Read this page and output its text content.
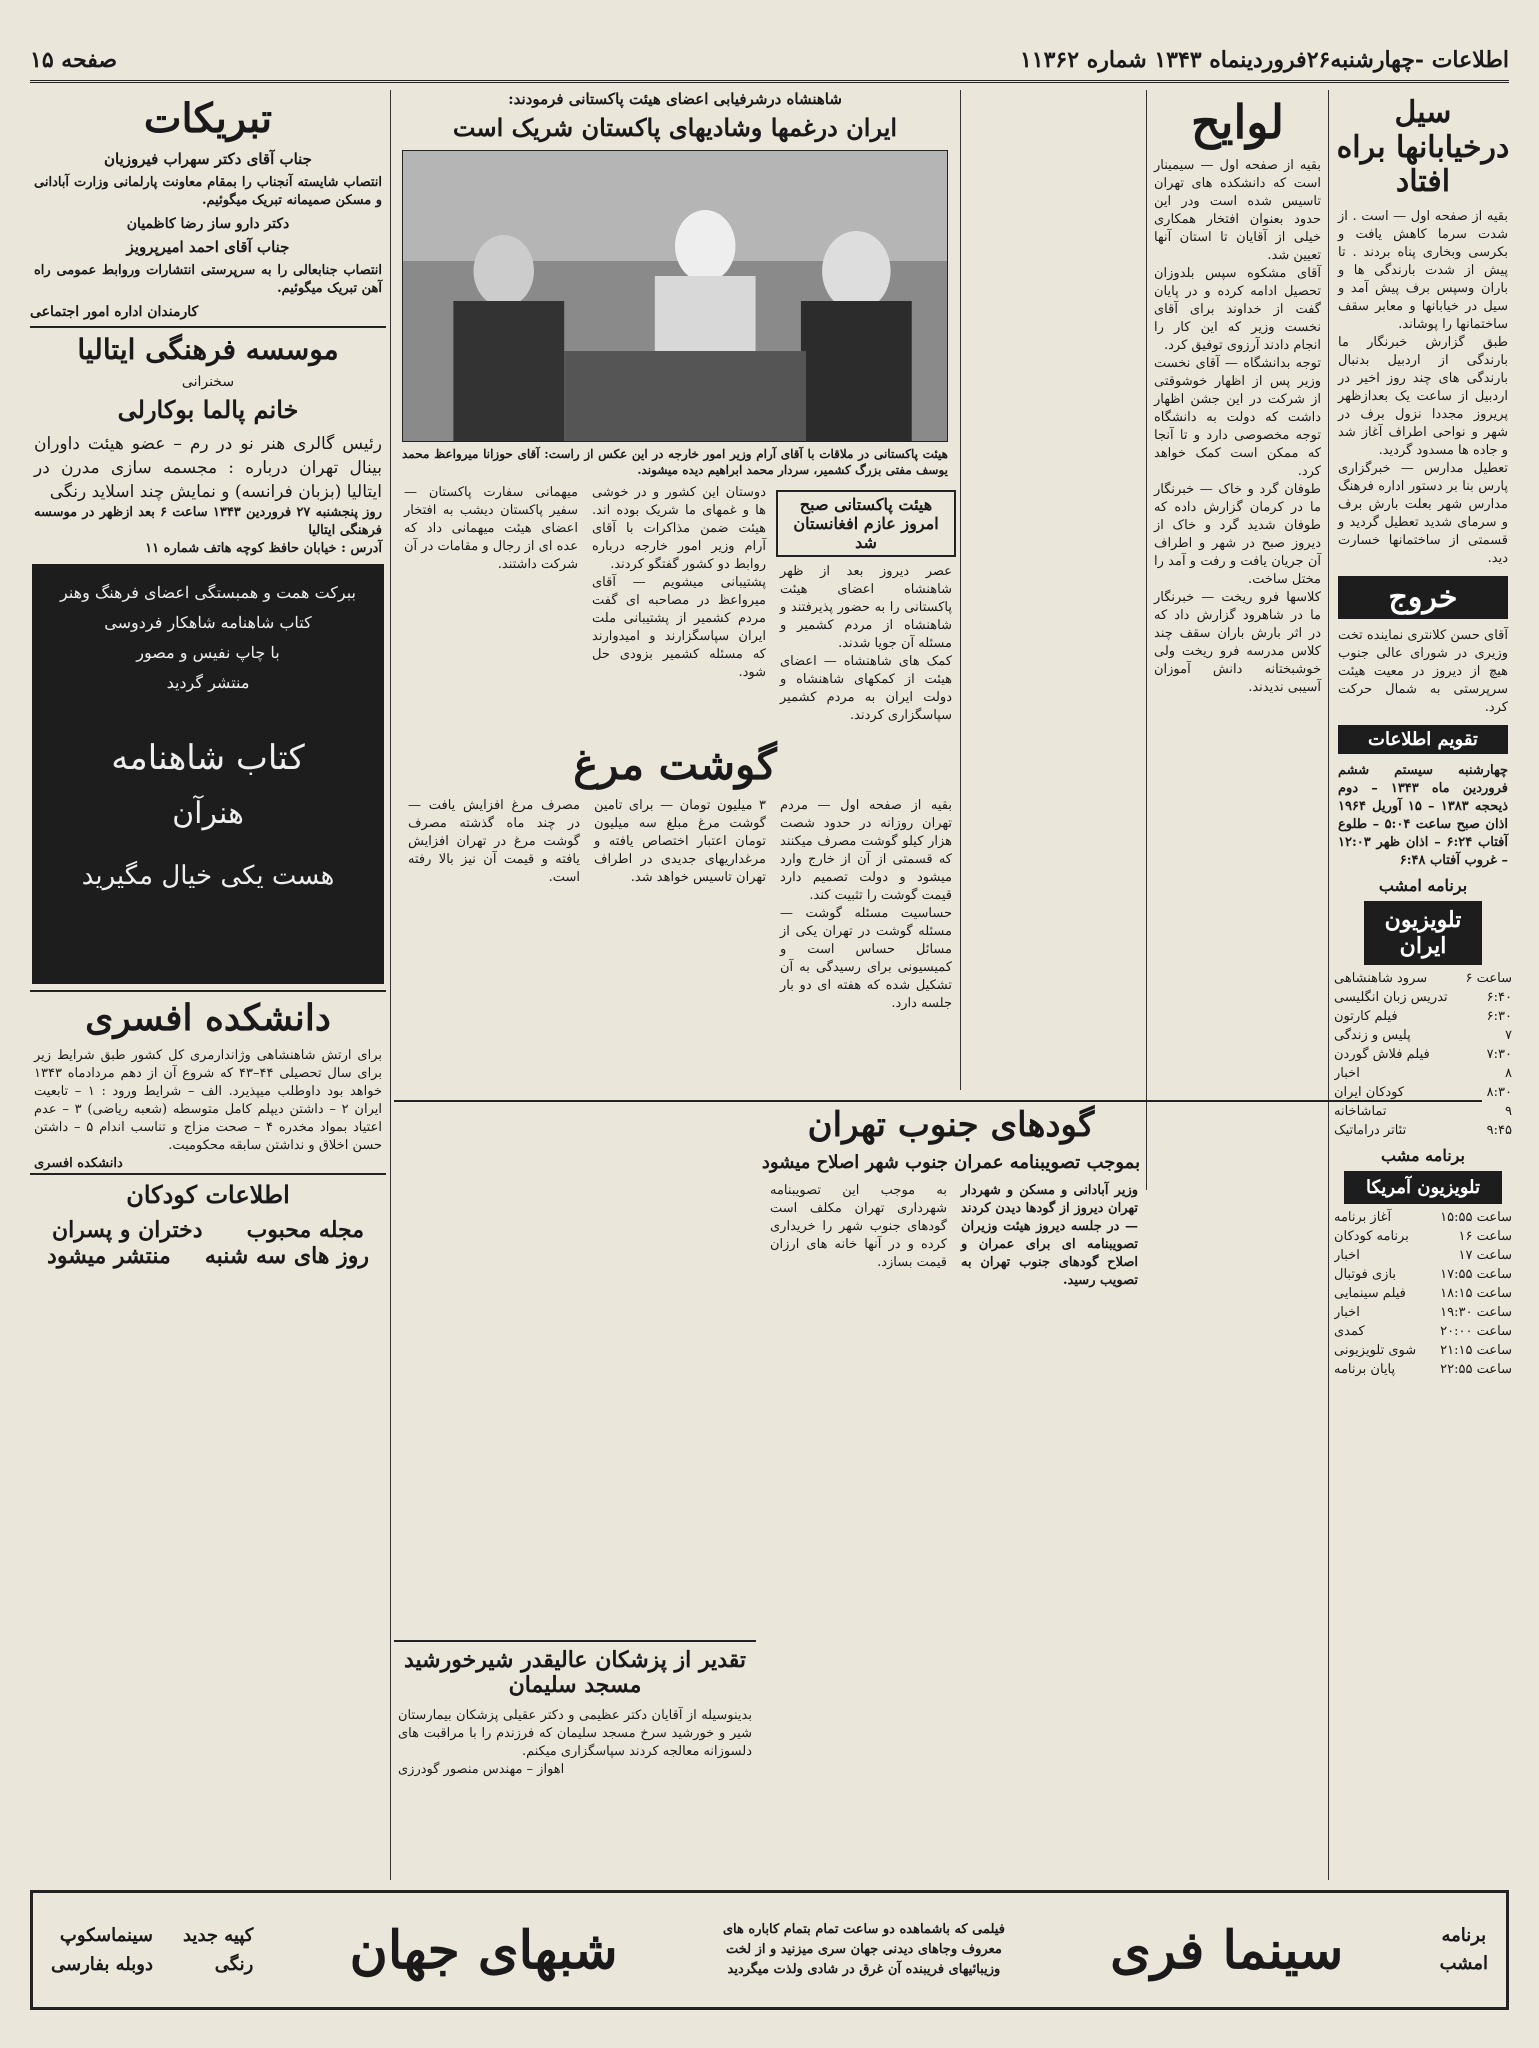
اطلاعات -چهارشنبه۲۶فروردینماه ۱۳۴۳ شماره ۱۱۳۶۲
صفحه ۱۵
سیل درخیابانها براه افتاد

بقیه از صفحه اول — است . از شدت سرما کاهش یافت و بکرسی وبخاری پناه بردند . تا پیش از شدت بارندگی ها و باران وسپس برف پیش آمد و سیل در خیابانها و معابر سقف ساختمانها را پوشاند.

طبق گزارش خبرنگار ما بارندگی از اردبیل بدنبال بارندگی های چند روز اخیر در اردبیل از ساعت یک بعدازظهر پریروز مجددا نزول برف در شهر و نواحی اطراف آغاز شد و جاده ها مسدود گردید.

تعطیل مدارس — خبرگزاری پارس بنا بر دستور اداره فرهنگ مدارس شهر بعلت بارش برف و سرمای شدید تعطیل گردید و قسمتی از ساختمانها خسارت دید.

خروج

آقای حسن کلانتری نماینده تخت وزیری در شورای عالی جنوب هیچ از دیروز در معیت هیئت سرپرستی به شمال حرکت کرد.

تقویم اطلاعات

چهارشنبه سیستم ششم فروردین ماه ۱۳۴۳ – دوم ذیحجه ۱۳۸۳ – ۱۵ آوریل ۱۹۶۴ اذان صبح ساعت ۵:۰۴ – طلوع آفتاب ۶:۲۴ – اذان ظهر ۱۲:۰۳ – غروب آفتاب ۶:۴۸

برنامه امشب
تلویزیون ایران
ساعت ۶
سرود شاهنشاهی
۶:۴۰
تدریس زبان انگلیسی
۶:۳۰
فیلم کارتون
۷
پلیس و زندگی
۷:۳۰
فیلم فلاش گوردن
۸
اخبار
۸:۳۰
کودکان ایران
۹
تماشاخانه
۹:۴۵
تئاتر دراماتیک
برنامه مشب
تلویزیون آمریکا
ساعت ۱۵:۵۵
آغاز برنامه
ساعت ۱۶
برنامه کودکان
ساعت ۱۷
اخبار
ساعت ۱۷:۵۵
بازی فوتبال
ساعت ۱۸:۱۵
فیلم سینمایی
ساعت ۱۹:۳۰
اخبار
ساعت ۲۰:۰۰
کمدی
ساعت ۲۱:۱۵
شوی تلویزیونی
ساعت ۲۲:۵۵
پایان برنامه
لوایح

بقیه از صفحه اول — سیمینار است که دانشکده های تهران تاسیس شده است ودر این حدود بعنوان افتخار همکاری خیلی از آقایان تا استان آنها تعیین شد.

آقای مشکوه سپس بلدوزان تحصیل ادامه کرده و در پایان گفت از خداوند برای آقای نخست وزیر که این کار را انجام دادند آرزوی توفیق کرد.

توجه بدانشگاه — آقای نخست وزیر پس از اظهار خوشوقتی از شرکت در این جشن اظهار داشت که دولت به دانشگاه توجه مخصوصی دارد و تا آنجا که ممکن است کمک خواهد کرد.

طوفان گرد و خاک — خبرنگار ما در کرمان گزارش داده که طوفان شدید گرد و خاک از دیروز صبح در شهر و اطراف آن جریان یافت و رفت و آمد را مختل ساخت.

کلاسها فرو ریخت — خبرنگار ما در شاهرود گزارش داد که در اثر بارش باران سقف چند کلاس مدرسه فرو ریخت ولی خوشبختانه دانش آموزان آسیبی ندیدند.

شاهنشاه درشرفیابی اعضای هیئت پاکستانی فرمودند:
ایران درغمها وشادیهای پاکستان شریک است
هیئت پاکستانی در ملاقات با آقای آرام وزیر امور خارجه در این عکس از راست: آقای حوزانا میرواعظ محمد یوسف مفتی بزرگ کشمیر، سردار محمد ابراهیم دیده میشوند.
هیئت پاکستانی صبح امروز عازم افغانستان شد

عصر دیروز بعد از ظهر شاهنشاه اعضای هیئت پاکستانی را به حضور پذیرفتند و شاهنشاه از مردم کشمیر و مسئله آن جویا شدند.

کمک های شاهنشاه — اعضای هیئت از کمکهای شاهنشاه و دولت ایران به مردم کشمیر سپاسگزاری کردند.

دوستان این کشور و در خوشی ها و غمهای ما شریک بوده اند. هیئت ضمن مذاکرات با آقای آرام وزیر امور خارجه درباره روابط دو کشور گفتگو کردند.

پشتیبانی میشویم — آقای میرواعظ در مصاحبه ای گفت مردم کشمیر از پشتیبانی ملت ایران سپاسگزارند و امیدوارند که مسئله کشمیر بزودی حل شود.

میهمانی سفارت پاکستان — سفیر پاکستان دیشب به افتخار اعضای هیئت میهمانی داد که عده ای از رجال و مقامات در آن شرکت داشتند.

گوشت مرغ

بقیه از صفحه اول — مردم تهران روزانه در حدود شصت هزار کیلو گوشت مصرف میکنند که قسمتی از آن از خارج وارد میشود و دولت تصمیم دارد قیمت گوشت را تثبیت کند.

حساسیت مسئله گوشت — مسئله گوشت در تهران یکی از مسائل حساس است و کمیسیونی برای رسیدگی به آن تشکیل شده که هفته ای دو بار جلسه دارد.

۳ میلیون تومان — برای تامین گوشت مرغ مبلغ سه میلیون تومان اعتبار اختصاص یافته و مرغداریهای جدیدی در اطراف تهران تاسیس خواهد شد.

مصرف مرغ افزایش یافت — در چند ماه گذشته مصرف گوشت مرغ در تهران افزایش یافته و قیمت آن نیز بالا رفته است.

گودهای جنوب تهران
بموجب تصویبنامه عمران جنوب شهر اصلاح میشود

وزیر آبادانی و مسکن و شهردار تهران دیروز از گودها دیدن کردند — در جلسه دیروز هیئت وزیران تصویبنامه ای برای عمران و اصلاح گودهای جنوب تهران به تصویب رسید.

به موجب این تصویبنامه شهرداری تهران مکلف است گودهای جنوب شهر را خریداری کرده و در آنها خانه های ارزان قیمت بسازد.

تقدیر از پزشکان عالیقدر شیرخورشید مسجد سلیمان

بدینوسیله از آقایان دکتر عظیمی و دکتر عقیلی پزشکان بیمارستان شیر و خورشید سرخ مسجد سلیمان که فرزندم را با مراقبت های دلسوزانه معالجه کردند سپاسگزاری میکنم.

اهواز – مهندس منصور گودرزی

تبریکات
جناب آقای دکتر سهراب فیروزیان

انتصاب شایسته آنجناب را بمقام معاونت پارلمانی وزارت آبادانی و مسکن صمیمانه تبریک میگوئیم.

دکتر دارو ساز رضا کاظمیان
جناب آقای احمد امیرپرویز

انتصاب جنابعالی را به سرپرستی انتشارات وروابط عمومی راه آهن تبریک میگوئیم.

کارمندان اداره امور اجتماعی
موسسه فرهنگی ایتالیا
سخنرانی
خانم پالما بوکارلی

رئیس گالری هنر نو در رم – عضو هیئت داوران بینال تهران درباره : مجسمه سازی مدرن در ایتالیا (بزبان فرانسه) و نمایش چند اسلاید رنگی

روز پنجشنبه ۲۷ فروردین ۱۳۴۳ ساعت ۶ بعد ازظهر در موسسه فرهنگی ایتالیا

آدرس : خیابان حافظ کوچه هاتف شماره ۱۱

ببرکت همت و همبستگی اعضای فرهنگ وهنر
کتاب شاهنامه شاهکار فردوسی
با چاپ نفیس و مصور
منتشر گردید
کتاب شاهنامه
هنرآن
هست یکی خیال مگیرید
دانشکده افسری

برای ارتش شاهنشاهی وژاندارمری کل کشور طبق شرایط زیر برای سال تحصیلی ۴۴–۴۳ که شروع آن از دهم مردادماه ۱۳۴۳ خواهد بود داوطلب میپذیرد. الف – شرایط ورود : ۱ – تابعیت ایران ۲ – داشتن دیپلم کامل متوسطه (شعبه ریاضی) ۳ – عدم اعتیاد بمواد مخدره ۴ – صحت مزاج و تناسب اندام ۵ – داشتن حسن اخلاق و نداشتن سابقه محکومیت.

دانشکده افسری

اطلاعات کودکان
مجله محبوب
دختران و پسران
روز های سه شنبه
منتشر میشود
برنامه
امشب
سینما فری
فیلمی که باشماهده دو ساعت تمام بتمام کاباره های معروف وجاهای دیدنی جهان سری میزنید و از لخت وزیبائیهای فریبنده آن غرق در شادی ولذت میگردید
شبهای جهان
کپیه جدید
سینماسکوپ
رنگی
دوبله بفارسی
